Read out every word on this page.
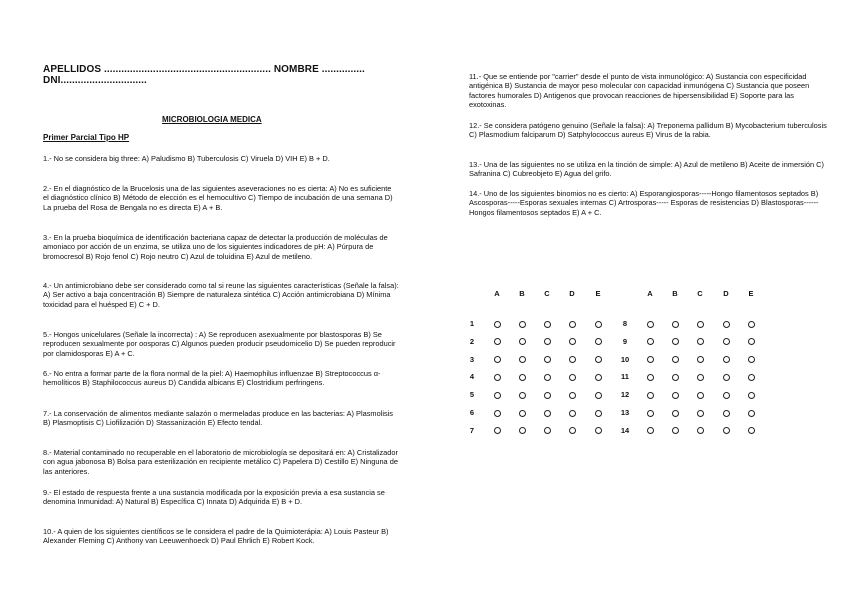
APELLIDOS .......................................................... NOMBRE ...............
DNI..............................
MICROBIOLOGIA MEDICA
Primer Parcial Tipo HP

1.- No se considera big three: A) Paludismo B) Tuberculosis C) Viruela D) VIH E) B + D.

2.- En el diagnóstico de la Brucelosis una de las siguientes aseveraciones no es cierta: A) No es suficiente el diagnóstico clínico B) Método de elección es el hemocultivo C) Tiempo de incubación de una semana D) La prueba del Rosa de Bengala no es directa E) A + B.

3.- En la prueba bioquímica de identificación bacteriana capaz de detectar la producción de moléculas de amoniaco por acción de un enzima, se utiliza uno de los siguientes indicadores de pH: A) Púrpura de bromocresol B) Rojo fenol C) Rojo neutro C) Azul de toluidina E) Azul de metileno.

4.- Un antimicrobiano debe ser considerado como tal si reune las siguientes características (Señale la falsa): A) Ser activo a baja concentración B) Siempre de naturaleza sintética C) Acción antimicrobiana D) Mínima toxicidad para el huésped E) C + D.

5.- Hongos unicelulares (Señale la incorrecta) : A) Se reproducen asexualmente por blastosporas B) Se reproducen sexualmente por oosporas C) Algunos pueden producir pseudomicelio D) Se pueden reproducir por clamidosporas E) A + C.

6.- No entra a formar parte de la flora normal de la piel: A) Haemophilus influenzae B) Streptococcus α-hemolíticos B) Staphilococcus aureus D) Candida albicans E) Clostridium perfringens.

7.- La conservación de alimentos mediante salazón o mermeladas produce en las bacterias: A) Plasmolisis B) Plasmoptisis C) Liofilización D) Stassanización E) Efecto tendal.

8.- Material contaminado no recuperable en el laboratorio de microbiología se depositará en: A) Cristalizador con agua jabonosa B) Bolsa para esterilización en recipiente metálico C) Papelera D) Cestillo E) Ninguna de las anteriores.

9.- El estado de respuesta frente a una sustancia modificada por la exposición previa a esa sustancia se denomina Inmunidad: A) Natural B) Específica C) Innata D) Adquirida E) B + D.

10.- A quien de los siguientes científicos se le considera el padre de la Quimioterápia: A) Louis Pasteur B) Alexander Fleming C) Anthony van Leeuwenhoeck D) Paul Ehrlich E) Robert Kock.

11.- Que se entiende por "carrier" desde el punto de vista inmunológico: A) Sustancia con especificidad antigénica B) Sustancia de mayor peso molecular con capacidad inmunógena C) Sustancia que poseen factores humorales D) Antigenos que provocan reacciones de hipersensibilidad E) Soporte para las exotoxinas.

12.- Se considera patógeno genuino (Señale la falsa): A) Treponema pallidum B) Mycobacterium tuberculosis C) Plasmodium falciparum D) Satphylococcus aureus E) Virus de la rabia.

13.- Una de las siguientes no se utiliza en la tinción de simple: A) Azul de metileno B) Aceite de inmersión C) Safranina C) Cubreobjeto E) Agua del grifo.

14.- Uno de los siguientes binomios no es cierto: A) Esporangiosporas-----Hongo filamentosos septados B) Ascosporas-----Esporas sexuales internas C) Artrosporas----- Esporas de resistencias D) Blastosporas------Hongos filamentosos septados E) A + C.

A	B	C	D	E	A	B	C	D	E
1	8
2	9
3	10
4	11
5	12
6	13
7	14
